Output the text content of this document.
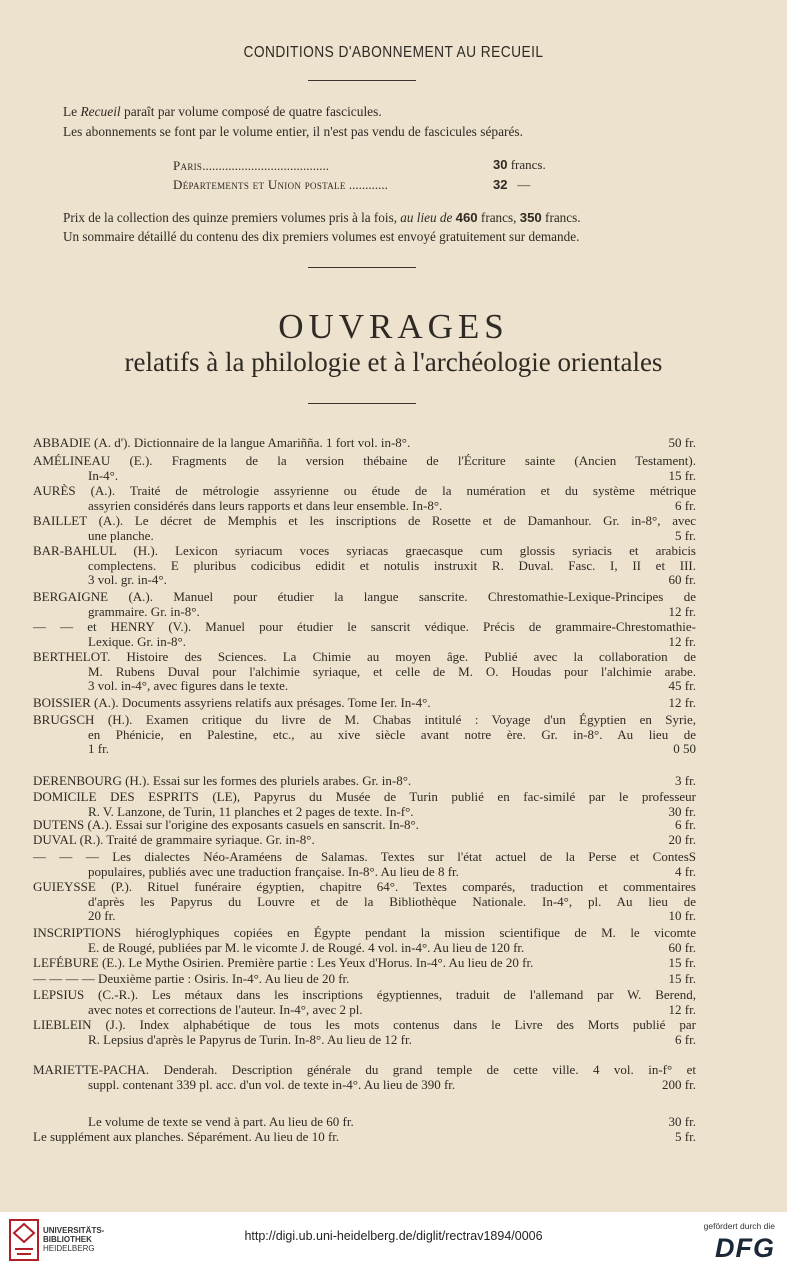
CONDITIONS D'ABONNEMENT AU RECUEIL
Le Recueil paraît par volume composé de quatre fascicules.
Les abonnements se font par le volume entier, il n'est pas vendu de fascicules séparés.
Paris.......................................	30 francs.
Départements et Union postale ............	32 —
Prix de la collection des quinze premiers volumes pris à la fois, au lieu de 460 francs, 350 francs.
Un sommaire détaillé du contenu des dix premiers volumes est envoyé gratuitement sur demande.
OUVRAGES
relatifs à la philologie et à l'archéologie orientales
ABBADIE (A. d'). Dictionnaire de la langue Amariñña. 1 fort vol. in-8°.	50 fr.
AMÉLINEAU (E.). Fragments de la version thébaine de l'Écriture sainte (Ancien Testament).
In-4°.	15 fr.
AURÈS (A.). Traité de métrologie assyrienne ou étude de la numération et du système métrique
assyrien considérés dans leurs rapports et dans leur ensemble. In-8°.	6 fr.
BAILLET (A.). Le décret de Memphis et les inscriptions de Rosette et de Damanhour. Gr. in-8°, avec
une planche.	5 fr.
BAR-BAHLUL (H.). Lexicon syriacum voces syriacas graecasque cum glossis syriacis et arabicis
complectens. E pluribus codicibus edidit et notulis instruxit R. Duval. Fasc. I, II et III.
3 vol. gr. in-4°.	60 fr.
BERGAIGNE (A.). Manuel pour étudier la langue sanscrite. Chrestomathie-Lexique-Principes de
grammaire. Gr. in-8°.	12 fr.
— — et HENRY (V.). Manuel pour étudier le sanscrit védique. Précis de grammaire-Chrestomathie-
Lexique. Gr. in-8°.	12 fr.
BERTHELOT. Histoire des Sciences. La Chimie au moyen âge. Publié avec la collaboration de
M. Rubens Duval pour l'alchimie syriaque, et celle de M. O. Houdas pour l'alchimie arabe.
3 vol. in-4°, avec figures dans le texte.	45 fr.
BOISSIER (A.). Documents assyriens relatifs aux présages. Tome Ier. In-4°.	12 fr.
BRUGSCH (H.). Examen critique du livre de M. Chabas intitulé : Voyage d'un Égyptien en Syrie,
en Phénicie, en Palestine, etc., au xive siècle avant notre ère. Gr. in-8°. Au lieu de
1 fr.	0 50
DERENBOURG (H.). Essai sur les formes des pluriels arabes. Gr. in-8°.	3 fr.
DOMICILE DES ESPRITS (LE), Papyrus du Musée de Turin publié en fac-similé par le professeur
R. V. Lanzone, de Turin, 11 planches et 2 pages de texte. In-f°.	30 fr.
DUTENS (A.). Essai sur l'origine des exposants casuels en sanscrit. In-8°.	6 fr.
DUVAL (R.). Traité de grammaire syriaque. Gr. in-8°.	20 fr.
— — — Les dialectes Néo-Araméens de Salamas. Textes sur l'état actuel de la Perse et ContesS
populaires, publiés avec une traduction française. In-8°. Au lieu de 8 fr.	4 fr.
GUIEYSSE (P.). Rituel funéraire égyptien, chapitre 64°. Textes comparés, traduction et commentaires
d'après les Papyrus du Louvre et de la Bibliothèque Nationale. In-4°, pl. Au lieu de
20 fr.	10 fr.
INSCRIPTIONS hiéroglyphiques copiées en Égypte pendant la mission scientifique de M. le vicomte
E. de Rougé, publiées par M. le vicomte J. de Rougé. 4 vol. in-4°. Au lieu de 120 fr.	60 fr.
LEFÉBURE (E.). Le Mythe Osirien. Première partie : Les Yeux d'Horus. In-4°. Au lieu de 20 fr.	15 fr.
— — — — Deuxième partie : Osiris. In-4°. Au lieu de 20 fr.	15 fr.
LEPSIUS (C.-R.). Les métaux dans les inscriptions égyptiennes, traduit de l'allemand par W. Berend,
avec notes et corrections de l'auteur. In-4°, avec 2 pl.	12 fr.
LIEBLEIN (J.). Index alphabétique de tous les mots contenus dans le Livre des Morts publié par
R. Lepsius d'après le Papyrus de Turin. In-8°. Au lieu de 12 fr.	6 fr.
MARIETTE-PACHA. Denderah. Description générale du grand temple de cette ville. 4 vol. in-f° et
suppl. contenant 339 pl. acc. d'un vol. de texte in-4°. Au lieu de 390 fr.	200 fr.
Le volume de texte se vend à part. Au lieu de 60 fr.	30 fr.
Le supplément aux planches. Séparément. Au lieu de 10 fr.	5 fr.
UNIVERSITÄTS-
BIBLIOTHEK
HEIDELBERG
http://digi.ub.uni-heidelberg.de/diglit/rectrav1894/0006
gefördert durch die
DFG
